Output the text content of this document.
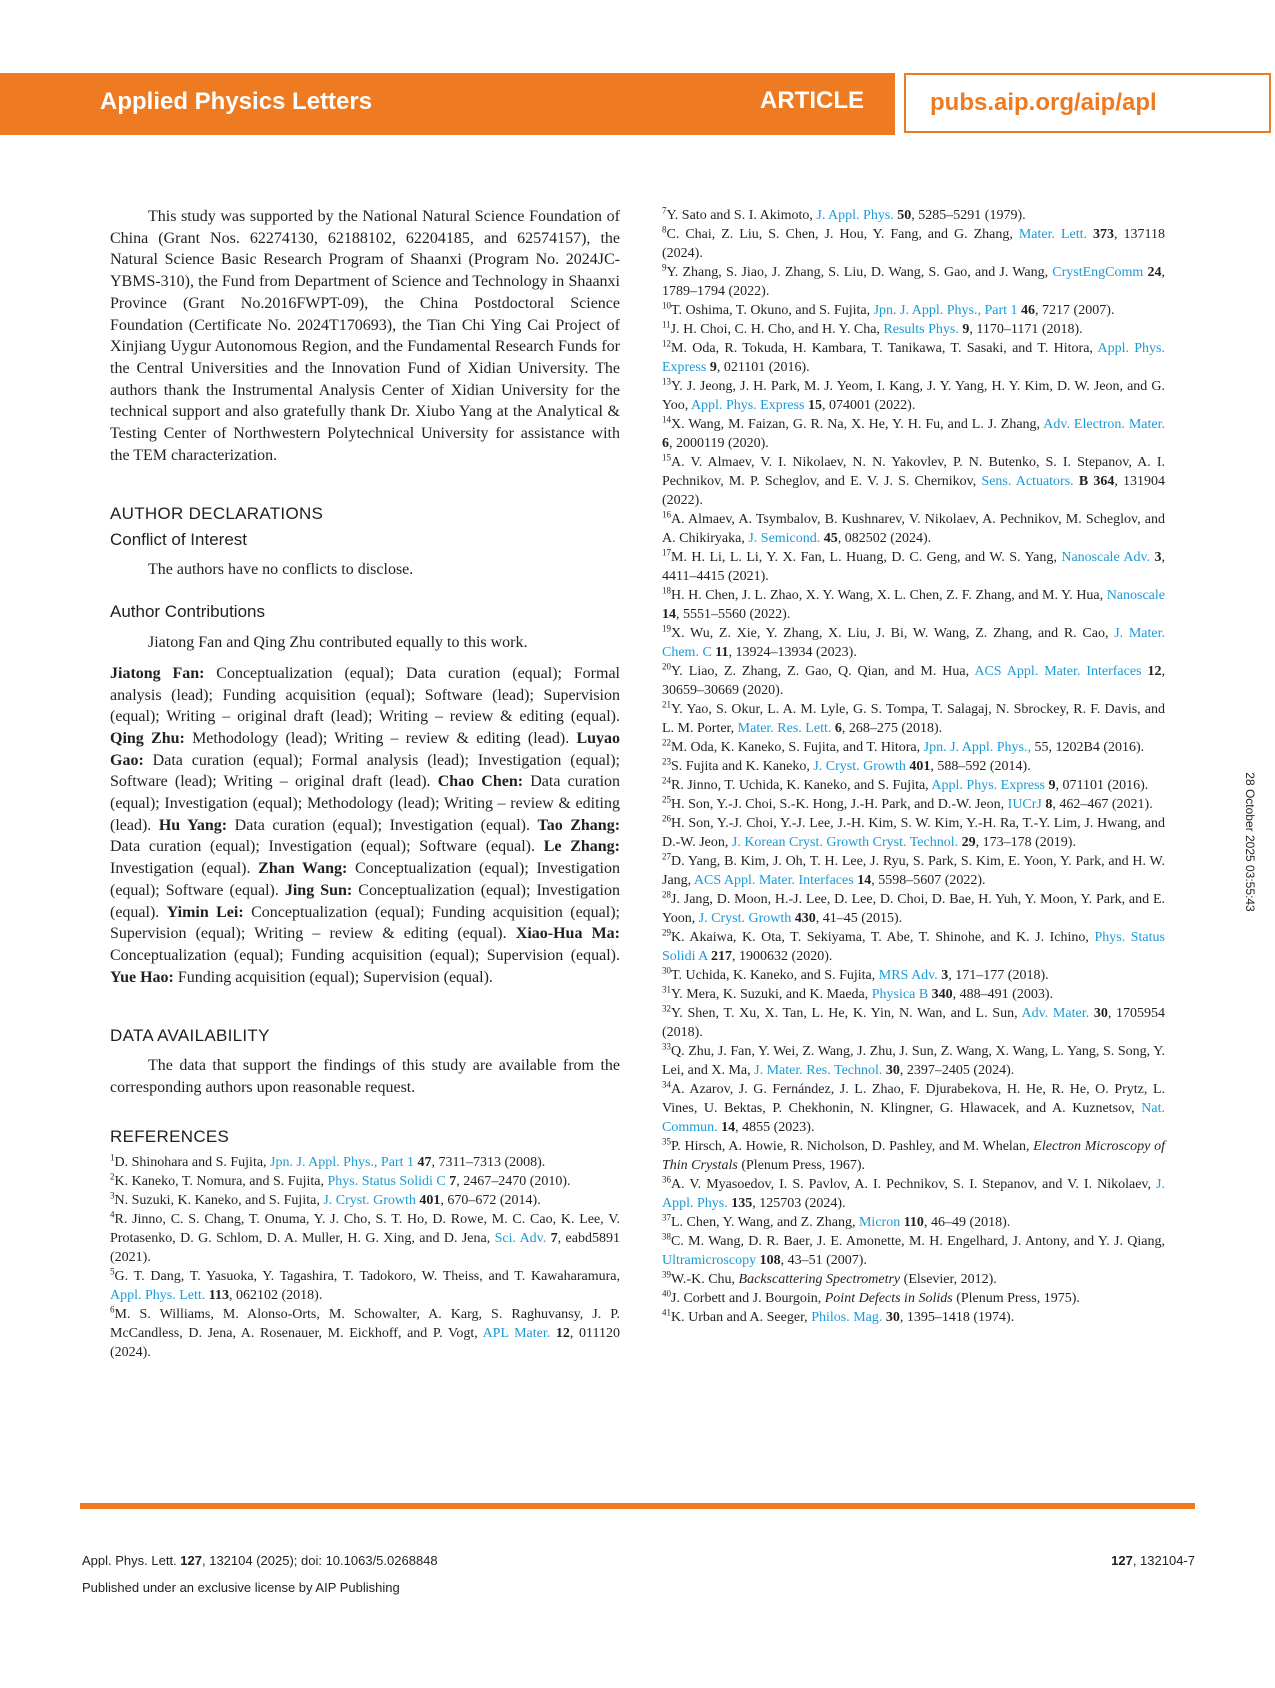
Applied Physics Letters	ARTICLE	pubs.aip.org/aip/apl
28 October 2025 03:55:43

This study was supported by the National Natural Science Foundation of China (Grant Nos. 62274130, 62188102, 62204185, and 62574157), the Natural Science Basic Research Program of Shaanxi (Program No. 2024JC-YBMS-310), the Fund from Department of Science and Technology in Shaanxi Province (Grant No.2016FWPT-09), the China Postdoctoral Science Foundation (Certificate No. 2024T170693), the Tian Chi Ying Cai Project of Xinjiang Uygur Autonomous Region, and the Fundamental Research Funds for the Central Universities and the Innovation Fund of Xidian University. The authors thank the Instrumental Analysis Center of Xidian University for the technical support and also gratefully thank Dr. Xiubo Yang at the Analytical & Testing Center of Northwestern Polytechnical University for assistance with the TEM characterization.

AUTHOR DECLARATIONS
Conflict of Interest

The authors have no conflicts to disclose.

Author Contributions

Jiatong Fan and Qing Zhu contributed equally to this work.

Jiatong Fan: Conceptualization (equal); Data curation (equal); Formal analysis (lead); Funding acquisition (equal); Software (lead); Supervision (equal); Writing – original draft (lead); Writing – review & editing (equal). Qing Zhu: Methodology (lead); Writing – review & editing (lead). Luyao Gao: Data curation (equal); Formal analysis (lead); Investigation (equal); Software (lead); Writing – original draft (lead). Chao Chen: Data curation (equal); Investigation (equal); Methodology (lead); Writing – review & editing (lead). Hu Yang: Data curation (equal); Investigation (equal). Tao Zhang: Data curation (equal); Investigation (equal); Software (equal). Le Zhang: Investigation (equal). Zhan Wang: Conceptualization (equal); Investigation (equal); Software (equal). Jing Sun: Conceptualization (equal); Investigation (equal). Yimin Lei: Conceptualization (equal); Funding acquisition (equal); Supervision (equal); Writing – review & editing (equal). Xiao-Hua Ma: Conceptualization (equal); Funding acquisition (equal); Supervision (equal). Yue Hao: Funding acquisition (equal); Supervision (equal).

DATA AVAILABILITY

The data that support the findings of this study are available from the corresponding authors upon reasonable request.

REFERENCES

$^1$D. Shinohara and S. Fujita, Jpn. J. Appl. Phys., Part 1 47, 7311–7313 (2008).

$^2$K. Kaneko, T. Nomura, and S. Fujita, Phys. Status Solidi C 7, 2467–2470 (2010).

$^3$N. Suzuki, K. Kaneko, and S. Fujita, J. Cryst. Growth 401, 670–672 (2014).

$^4$R. Jinno, C. S. Chang, T. Onuma, Y. J. Cho, S. T. Ho, D. Rowe, M. C. Cao, K. Lee, V. Protasenko, D. G. Schlom, D. A. Muller, H. G. Xing, and D. Jena, Sci. Adv. 7, eabd5891 (2021).

$^5$G. T. Dang, T. Yasuoka, Y. Tagashira, T. Tadokoro, W. Theiss, and T. Kawaharamura, Appl. Phys. Lett. 113, 062102 (2018).

$^6$M. S. Williams, M. Alonso-Orts, M. Schowalter, A. Karg, S. Raghuvansy, J. P. McCandless, D. Jena, A. Rosenauer, M. Eickhoff, and P. Vogt, APL Mater. 12, 011120 (2024).

$^7$Y. Sato and S. I. Akimoto, J. Appl. Phys. 50, 5285–5291 (1979).

$^8$C. Chai, Z. Liu, S. Chen, J. Hou, Y. Fang, and G. Zhang, Mater. Lett. 373, 137118 (2024).

$^9$Y. Zhang, S. Jiao, J. Zhang, S. Liu, D. Wang, S. Gao, and J. Wang, CrystEngComm 24, 1789–1794 (2022).

$^{10}$T. Oshima, T. Okuno, and S. Fujita, Jpn. J. Appl. Phys., Part 1 46, 7217 (2007).

$^{11}$J. H. Choi, C. H. Cho, and H. Y. Cha, Results Phys. 9, 1170–1171 (2018).

$^{12}$M. Oda, R. Tokuda, H. Kambara, T. Tanikawa, T. Sasaki, and T. Hitora, Appl. Phys. Express 9, 021101 (2016).

$^{13}$Y. J. Jeong, J. H. Park, M. J. Yeom, I. Kang, J. Y. Yang, H. Y. Kim, D. W. Jeon, and G. Yoo, Appl. Phys. Express 15, 074001 (2022).

$^{14}$X. Wang, M. Faizan, G. R. Na, X. He, Y. H. Fu, and L. J. Zhang, Adv. Electron. Mater. 6, 2000119 (2020).

$^{15}$A. V. Almaev, V. I. Nikolaev, N. N. Yakovlev, P. N. Butenko, S. I. Stepanov, A. I. Pechnikov, M. P. Scheglov, and E. V. J. S. Chernikov, Sens. Actuators. B 364, 131904 (2022).

$^{16}$A. Almaev, A. Tsymbalov, B. Kushnarev, V. Nikolaev, A. Pechnikov, M. Scheglov, and A. Chikiryaka, J. Semicond. 45, 082502 (2024).

$^{17}$M. H. Li, L. Li, Y. X. Fan, L. Huang, D. C. Geng, and W. S. Yang, Nanoscale Adv. 3, 4411–4415 (2021).

$^{18}$H. H. Chen, J. L. Zhao, X. Y. Wang, X. L. Chen, Z. F. Zhang, and M. Y. Hua, Nanoscale 14, 5551–5560 (2022).

$^{19}$X. Wu, Z. Xie, Y. Zhang, X. Liu, J. Bi, W. Wang, Z. Zhang, and R. Cao, J. Mater. Chem. C 11, 13924–13934 (2023).

$^{20}$Y. Liao, Z. Zhang, Z. Gao, Q. Qian, and M. Hua, ACS Appl. Mater. Interfaces 12, 30659–30669 (2020).

$^{21}$Y. Yao, S. Okur, L. A. M. Lyle, G. S. Tompa, T. Salagaj, N. Sbrockey, R. F. Davis, and L. M. Porter, Mater. Res. Lett. 6, 268–275 (2018).

$^{22}$M. Oda, K. Kaneko, S. Fujita, and T. Hitora, Jpn. J. Appl. Phys., 55, 1202B4 (2016).

$^{23}$S. Fujita and K. Kaneko, J. Cryst. Growth 401, 588–592 (2014).

$^{24}$R. Jinno, T. Uchida, K. Kaneko, and S. Fujita, Appl. Phys. Express 9, 071101 (2016).

$^{25}$H. Son, Y.-J. Choi, S.-K. Hong, J.-H. Park, and D.-W. Jeon, IUCrJ 8, 462–467 (2021).

$^{26}$H. Son, Y.-J. Choi, Y.-J. Lee, J.-H. Kim, S. W. Kim, Y.-H. Ra, T.-Y. Lim, J. Hwang, and D.-W. Jeon, J. Korean Cryst. Growth Cryst. Technol. 29, 173–178 (2019).

$^{27}$D. Yang, B. Kim, J. Oh, T. H. Lee, J. Ryu, S. Park, S. Kim, E. Yoon, Y. Park, and H. W. Jang, ACS Appl. Mater. Interfaces 14, 5598–5607 (2022).

$^{28}$J. Jang, D. Moon, H.-J. Lee, D. Lee, D. Choi, D. Bae, H. Yuh, Y. Moon, Y. Park, and E. Yoon, J. Cryst. Growth 430, 41–45 (2015).

$^{29}$K. Akaiwa, K. Ota, T. Sekiyama, T. Abe, T. Shinohe, and K. J. Ichino, Phys. Status Solidi A 217, 1900632 (2020).

$^{30}$T. Uchida, K. Kaneko, and S. Fujita, MRS Adv. 3, 171–177 (2018).

$^{31}$Y. Mera, K. Suzuki, and K. Maeda, Physica B 340, 488–491 (2003).

$^{32}$Y. Shen, T. Xu, X. Tan, L. He, K. Yin, N. Wan, and L. Sun, Adv. Mater. 30, 1705954 (2018).

$^{33}$Q. Zhu, J. Fan, Y. Wei, Z. Wang, J. Zhu, J. Sun, Z. Wang, X. Wang, L. Yang, S. Song, Y. Lei, and X. Ma, J. Mater. Res. Technol. 30, 2397–2405 (2024).

$^{34}$A. Azarov, J. G. Fernández, J. L. Zhao, F. Djurabekova, H. He, R. He, O. Prytz, L. Vines, U. Bektas, P. Chekhonin, N. Klingner, G. Hlawacek, and A. Kuznetsov, Nat. Commun. 14, 4855 (2023).

$^{35}$P. Hirsch, A. Howie, R. Nicholson, D. Pashley, and M. Whelan, Electron Microscopy of Thin Crystals (Plenum Press, 1967).

$^{36}$A. V. Myasoedov, I. S. Pavlov, A. I. Pechnikov, S. I. Stepanov, and V. I. Nikolaev, J. Appl. Phys. 135, 125703 (2024).

$^{37}$L. Chen, Y. Wang, and Z. Zhang, Micron 110, 46–49 (2018).

$^{38}$C. M. Wang, D. R. Baer, J. E. Amonette, M. H. Engelhard, J. Antony, and Y. J. Qiang, Ultramicroscopy 108, 43–51 (2007).

$^{39}$W.-K. Chu, Backscattering Spectrometry (Elsevier, 2012).

$^{40}$J. Corbett and J. Bourgoin, Point Defects in Solids (Plenum Press, 1975).

$^{41}$K. Urban and A. Seeger, Philos. Mag. 30, 1395–1418 (1974).

Appl. Phys. Lett. 127, 132104 (2025); doi: 10.1063/5.0268848	127, 132104-7
Published under an exclusive license by AIP Publishing
